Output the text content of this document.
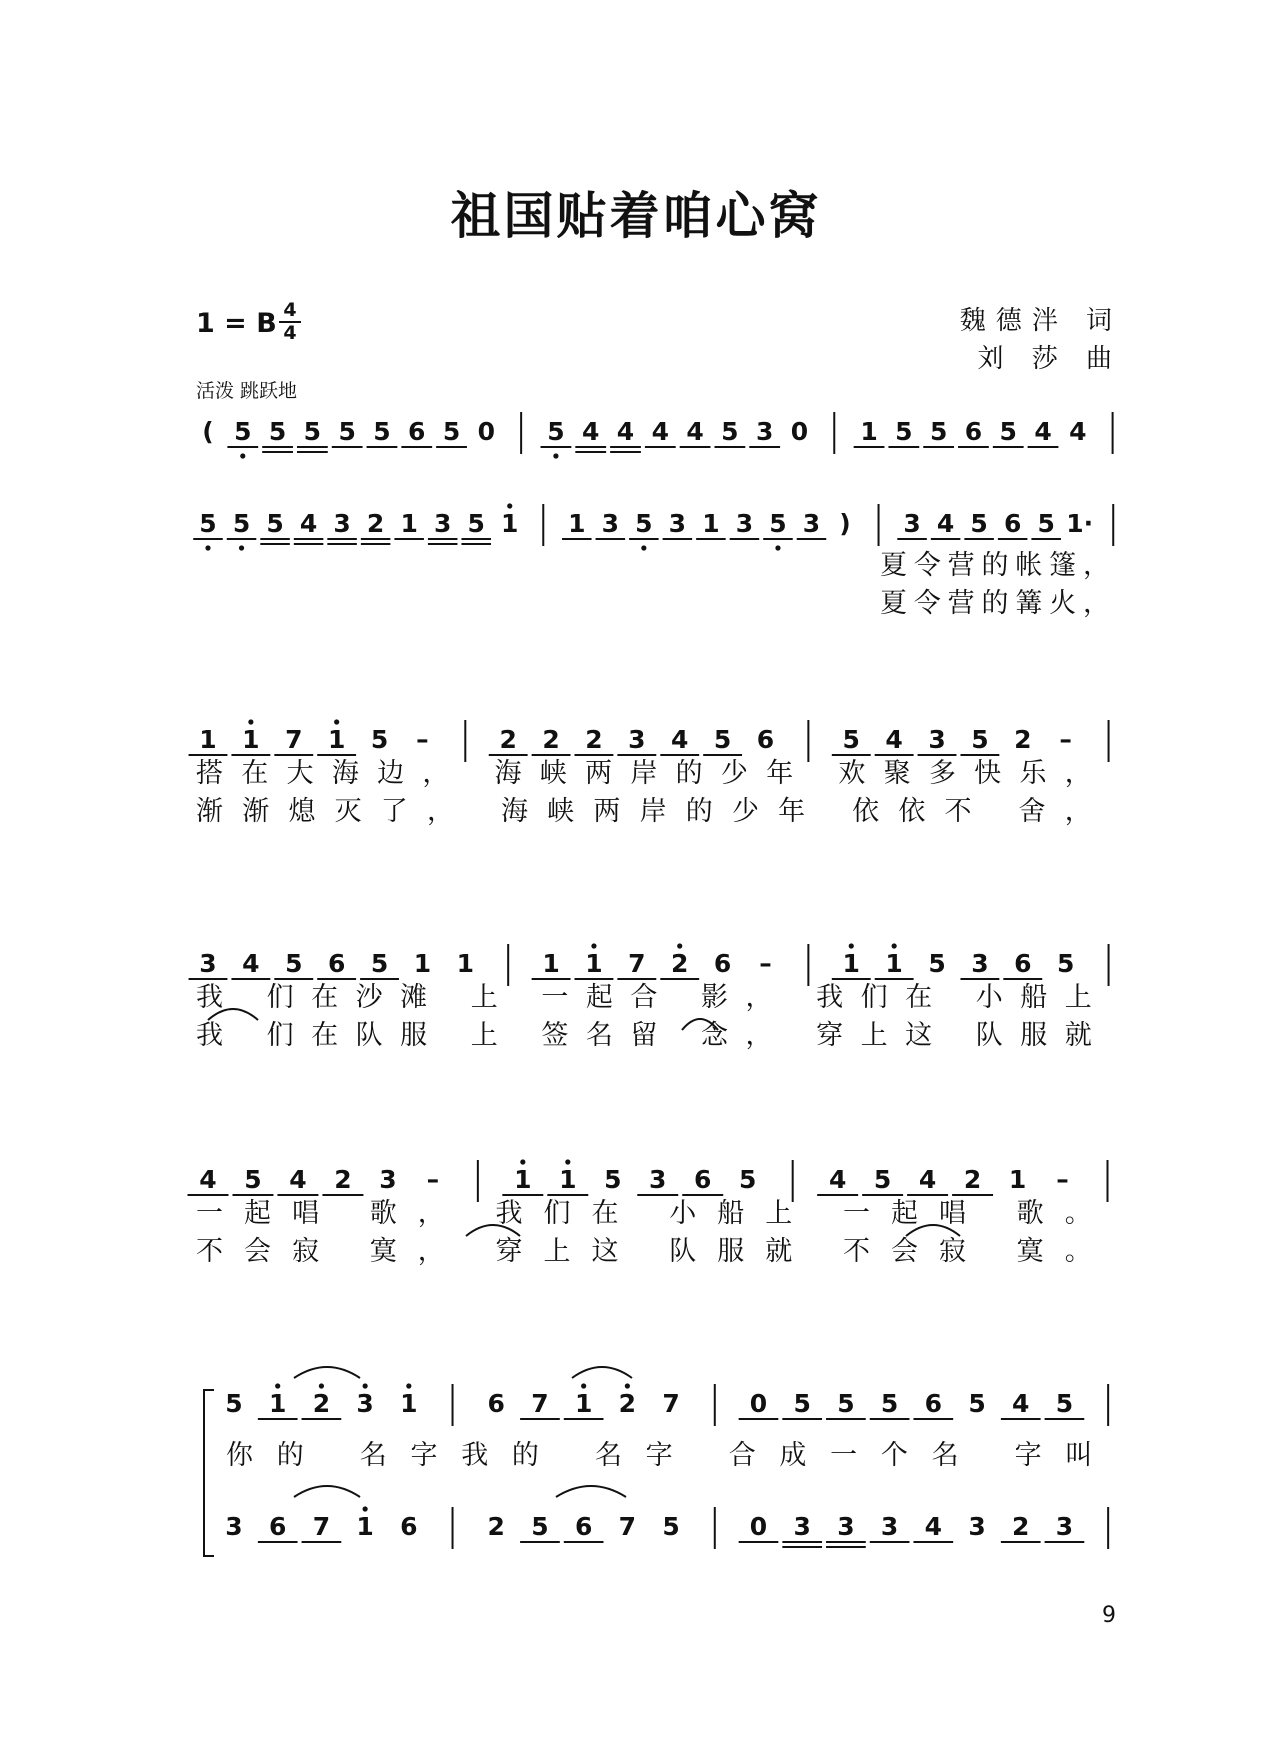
祖国贴着咱心窝
1 = B 4
4
活泼 跳跃地
魏德泮 词
刘 莎 曲
( 5 5 5 5 5 6 5 0 5 4 4 4 4 5 3 0 1 5 5 6 5 4 4
5 5 5 4 3 2 1 3 5 1 1 3 5 3 1 3 5 3 ) 3 4 5 6 5 1·
夏令营的帐篷，
夏令营的篝火，
1 1 7 1 5 –	2 2 2 3 4 5 6	5 4 3 5 2 –
搭在大海边， 海峡两岸的少年 欢聚多快乐，
渐渐熄灭了， 海峡两岸的少年 依依不 舍，
3 4 5 6 5 1 1	1 1 7 2 6 –	1 1 5 3 6 5
我 们在沙滩 上 一起合 影， 我们在 小船上
我 们在队服 上 签名留 念， 穿上这 队服就
4 5 4 2 3 –	1 1 5 3 6 5	4 5 4 2 1 –
一起唱 歌， 我们在 小船上 一起唱 歌。
不会寂 寞， 穿上这 队服就 不会寂 寞。
5 1 2 3 1	6 7 1 2 7	0 5 5 5 6 5 4 5
你的 名字我的 名字 合成一个名 字叫
3 6 7 1 6	2 5 6 7 5	0 3 3 3 4 3 2 3
9
